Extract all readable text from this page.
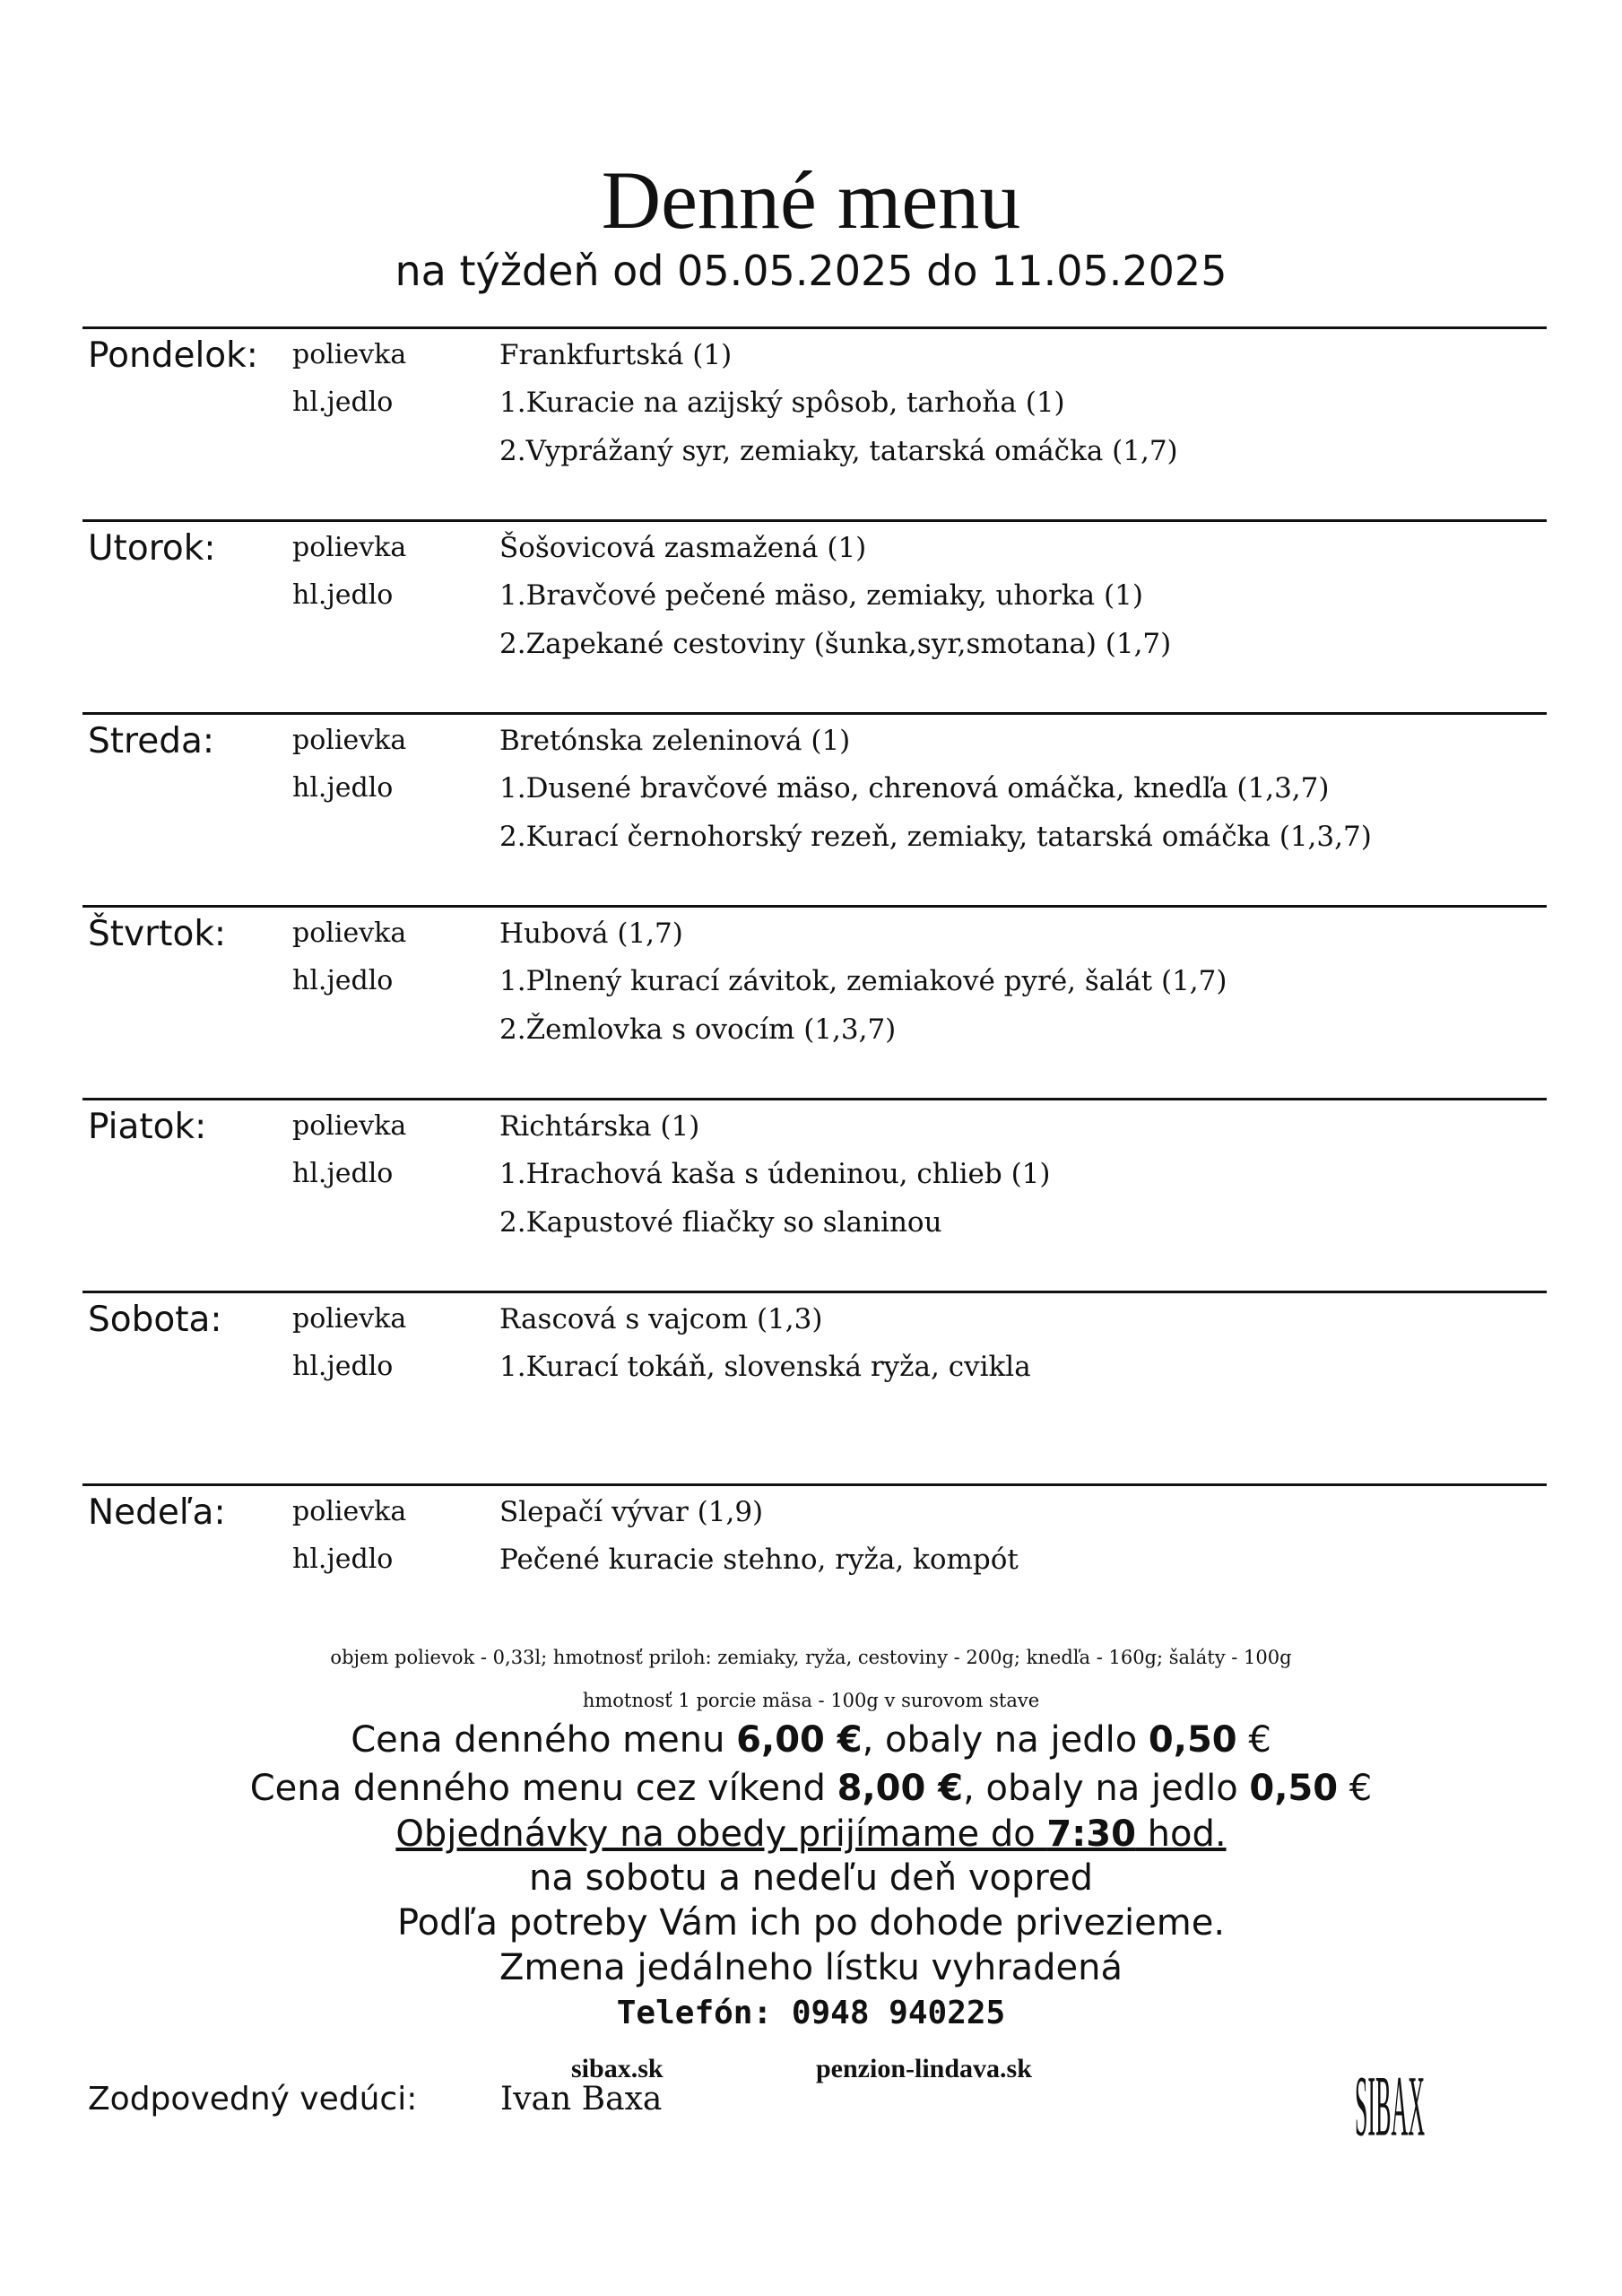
Denné menu
na týždeň od 05.05.2025 do 11.05.2025
Pondelok: polievka	Frankfurtská (1)
hl.jedlo	1.Kuracie na azijský spôsob, tarhoňa (1)
2.Vyprážaný syr, zemiaky, tatarská omáčka (1,7)
Utorok:	polievka	Šošovicová zasmažená (1)
hl.jedlo	1.Bravčové pečené mäso, zemiaky, uhorka (1)
2.Zapekané cestoviny (šunka,syr,smotana) (1,7)
Streda:	polievka	Bretónska zeleninová (1)
hl.jedlo	1.Dusené bravčové mäso, chrenová omáčka, knedľa (1,3,7)
2.Kurací černohorský rezeň, zemiaky, tatarská omáčka (1,3,7)
Štvrtok: polievka	Hubová (1,7)
hl.jedlo	1.Plnený kurací závitok, zemiakové pyré, šalát (1,7)
2.Žemlovka s ovocím (1,3,7)
Piatok:	polievka	Richtárska (1)
hl.jedlo	1.Hrachová kaša s údeninou, chlieb (1)
2.Kapustové fliačky so slaninou
Sobota:	polievka	Rascová s vajcom (1,3)
hl.jedlo	1.Kurací tokáň, slovenská ryža, cvikla
Nedeľa: polievka	Slepačí vývar (1,9)
hl.jedlo	Pečené kuracie stehno, ryža, kompót
objem polievok - 0,33l; hmotnosť priloh: zemiaky, ryža, cestoviny - 200g; knedľa - 160g; šaláty - 100g
hmotnosť 1 porcie mäsa - 100g v surovom stave
Cena denného menu 6,00 €, obaly na jedlo 0,50 €
Cena denného menu cez víkend 8,00 €, obaly na jedlo 0,50 €
Objednávky na obedy prijímame do 7:30 hod.
na sobotu a nedeľu deň vopred
Podľa potreby Vám ich po dohode privezieme.
Zmena jedálneho lístku vyhradená
Telefón: 0948 940225
sibax.sk	penzion-lindava.sk
Zodpovedný vedúci:	Ivan Baxa	SIBAX
